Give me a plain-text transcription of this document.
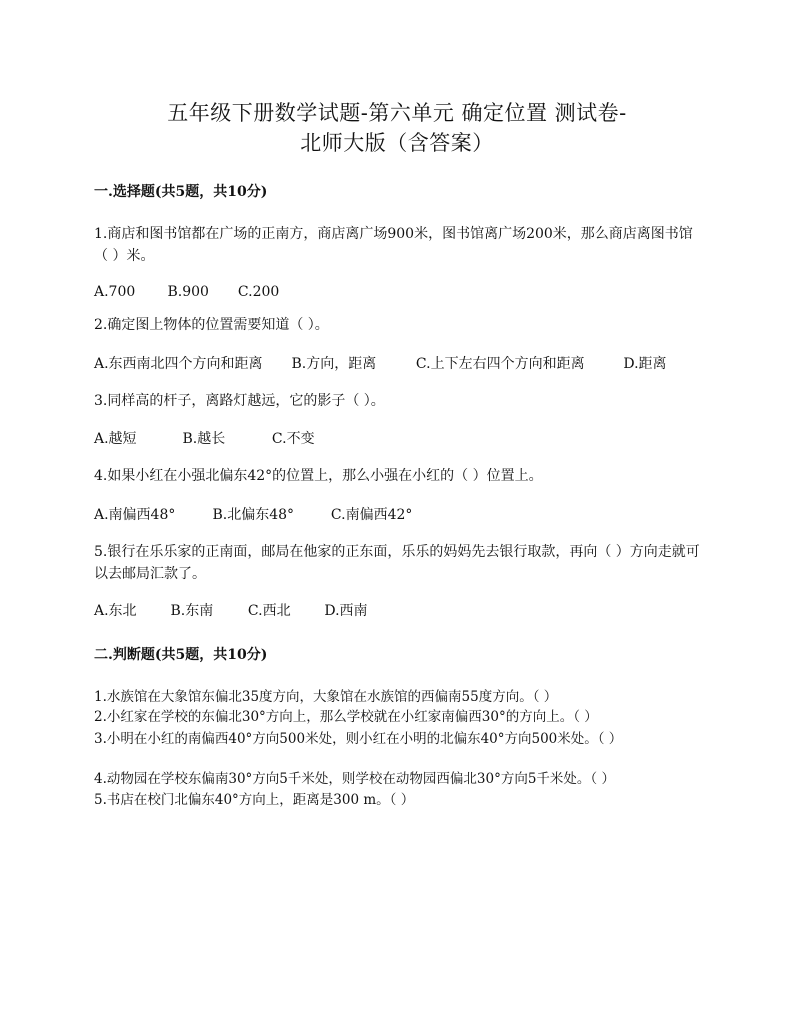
五年级下册数学试题-第六单元 确定位置 测试卷-
北师大版（含答案）
一.选择题(共5题，共10分)
1.商店和图书馆都在广场的正南方，商店离广场900米，图书馆离广场200米，那么商店离图书馆（ ）米。
A.700 B.900 C.200
2.确定图上物体的位置需要知道（ ）。
A.东西南北四个方向和距离 B.方向，距离	C.上下左右四个方向和距离	D.距离
3.同样高的杆子，离路灯越远，它的影子（ ）。
A.越短	B.越长	C.不变
4.如果小红在小强北偏东42°的位置上，那么小强在小红的（ ）位置上。
A.南偏西48°	B.北偏东48°	C.南偏西42°
5.银行在乐乐家的正南面，邮局在他家的正东面，乐乐的妈妈先去银行取款，再向（ ）方向走就可以去邮局汇款了。
A.东北 B.东南 C.西北 D.西南
二.判断题(共5题，共10分)
1.水族馆在大象馆东偏北35度方向，大象馆在水族馆的西偏南55度方向。（ ）
2.小红家在学校的东偏北30°方向上，那么学校就在小红家南偏西30°的方向上。（ ）
3.小明在小红的南偏西40°方向500米处，则小红在小明的北偏东40°方向500米处。（ ）
4.动物园在学校东偏南30°方向5千米处，则学校在动物园西偏北30°方向5千米处。（ ）
5.书店在校门北偏东40°方向上，距离是300 m。（ ）
